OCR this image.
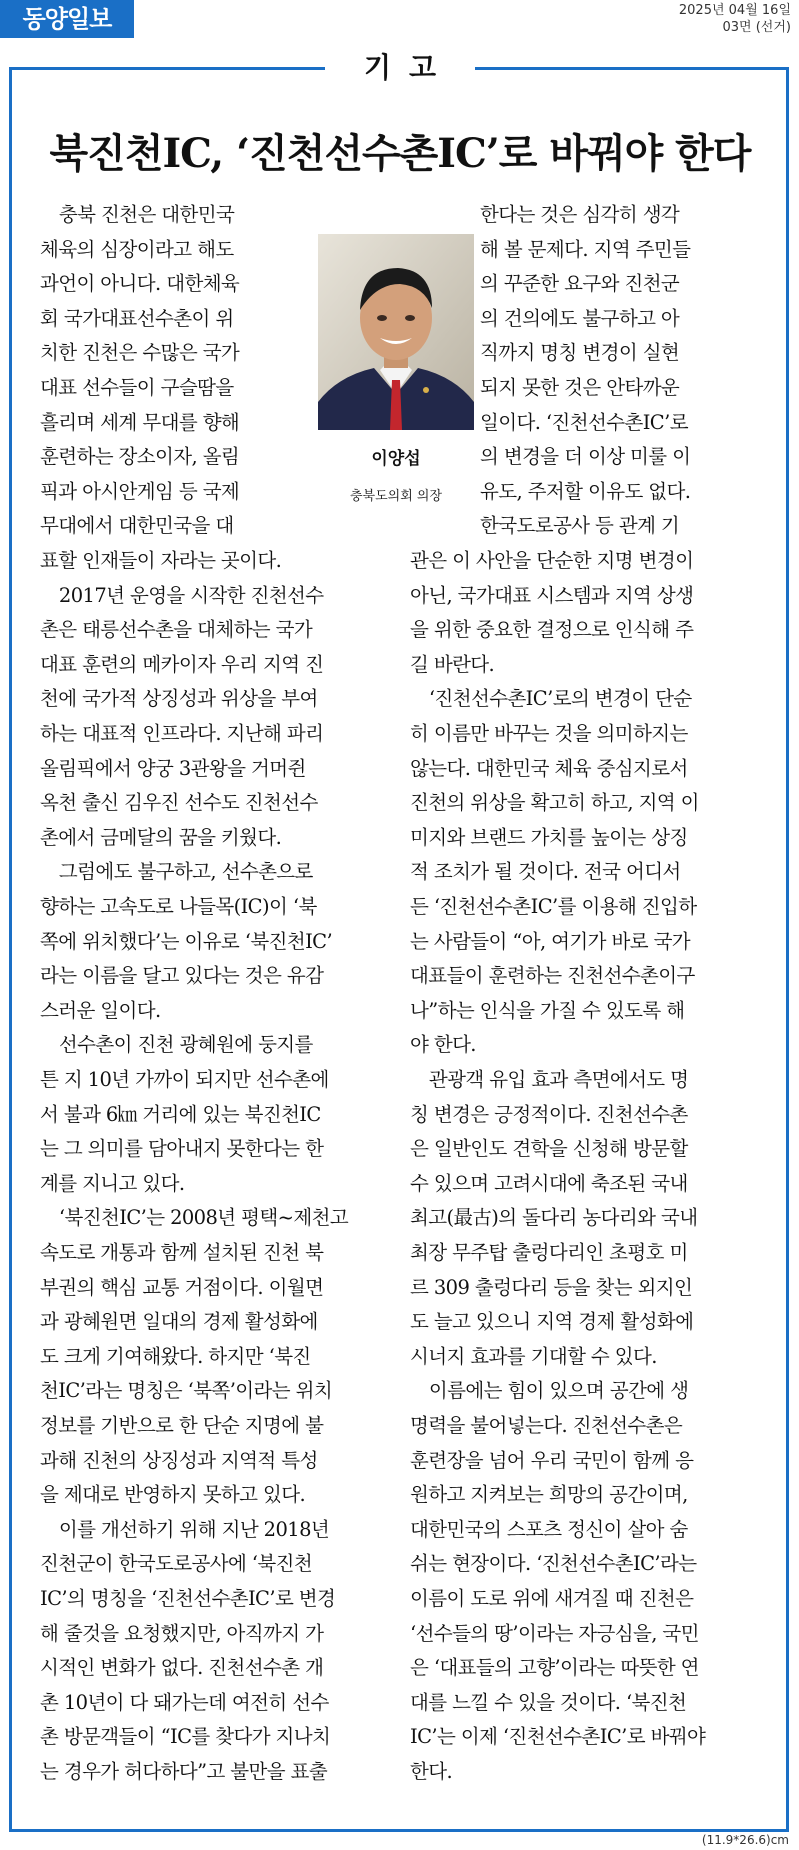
동양일보	2025년 04월 16일
03면 (선거)
기고
북진천IC, ‘진천선수촌IC’로 바꿔야 한다
이양섭
충북도의회 의장

　충북 진천은 대한민국

체육의 심장이라고 해도

과언이 아니다. 대한체육

회 국가대표선수촌이 위

치한 진천은 수많은 국가

대표 선수들이 구슬땀을

흘리며 세계 무대를 향해

훈련하는 장소이자, 올림

픽과 아시안게임 등 국제

무대에서 대한민국을 대

표할 인재들이 자라는 곳이다.

　2017년 운영을 시작한 진천선수

촌은 태릉선수촌을 대체하는 국가

대표 훈련의 메카이자 우리 지역 진

천에 국가적 상징성과 위상을 부여

하는 대표적 인프라다. 지난해 파리

올림픽에서 양궁 3관왕을 거머쥔

옥천 출신 김우진 선수도 진천선수

촌에서 금메달의 꿈을 키웠다.

　그럼에도 불구하고, 선수촌으로

향하는 고속도로 나들목(IC)이 ‘북

쪽에 위치했다’는 이유로 ‘북진천IC’

라는 이름을 달고 있다는 것은 유감

스러운 일이다.

　선수촌이 진천 광혜원에 둥지를

튼 지 10년 가까이 되지만 선수촌에

서 불과 6㎞ 거리에 있는 북진천IC

는 그 의미를 담아내지 못한다는 한

계를 지니고 있다.

　‘북진천IC’는 2008년 평택~제천고

속도로 개통과 함께 설치된 진천 북

부권의 핵심 교통 거점이다. 이월면

과 광혜원면 일대의 경제 활성화에

도 크게 기여해왔다. 하지만 ‘북진

천IC’라는 명칭은 ‘북쪽’이라는 위치

정보를 기반으로 한 단순 지명에 불

과해 진천의 상징성과 지역적 특성

을 제대로 반영하지 못하고 있다.

　이를 개선하기 위해 지난 2018년

진천군이 한국도로공사에 ‘북진천

IC’의 명칭을 ‘진천선수촌IC’로 변경

해 줄것을 요청했지만, 아직까지 가

시적인 변화가 없다. 진천선수촌 개

촌 10년이 다 돼가는데 여전히 선수

촌 방문객들이 “IC를 찾다가 지나치

는 경우가 허다하다”고 불만을 표출

한다는 것은 심각히 생각

해 볼 문제다. 지역 주민들

의 꾸준한 요구와 진천군

의 건의에도 불구하고 아

직까지 명칭 변경이 실현

되지 못한 것은 안타까운

일이다. ‘진천선수촌IC’로

의 변경을 더 이상 미룰 이

유도, 주저할 이유도 없다.

한국도로공사 등 관계 기

관은 이 사안을 단순한 지명 변경이

아닌, 국가대표 시스템과 지역 상생

을 위한 중요한 결정으로 인식해 주

길 바란다.

　‘진천선수촌IC’로의 변경이 단순

히 이름만 바꾸는 것을 의미하지는

않는다. 대한민국 체육 중심지로서

진천의 위상을 확고히 하고, 지역 이

미지와 브랜드 가치를 높이는 상징

적 조치가 될 것이다. 전국 어디서

든 ‘진천선수촌IC’를 이용해 진입하

는 사람들이 “아, 여기가 바로 국가

대표들이 훈련하는 진천선수촌이구

나”하는 인식을 가질 수 있도록 해

야 한다.

　관광객 유입 효과 측면에서도 명

칭 변경은 긍정적이다. 진천선수촌

은 일반인도 견학을 신청해 방문할

수 있으며 고려시대에 축조된 국내

최고(最古)의 돌다리 농다리와 국내

최장 무주탑 출렁다리인 초평호 미

르 309 출렁다리 등을 찾는 외지인

도 늘고 있으니 지역 경제 활성화에

시너지 효과를 기대할 수 있다.

　이름에는 힘이 있으며 공간에 생

명력을 불어넣는다. 진천선수촌은

훈련장을 넘어 우리 국민이 함께 응

원하고 지켜보는 희망의 공간이며,

대한민국의 스포츠 정신이 살아 숨

쉬는 현장이다. ‘진천선수촌IC’라는

이름이 도로 위에 새겨질 때 진천은

‘선수들의 땅’이라는 자긍심을, 국민

은 ‘대표들의 고향’이라는 따뜻한 연

대를 느낄 수 있을 것이다. ‘북진천

IC’는 이제 ‘진천선수촌IC’로 바꿔야

한다.

(11.9*26.6)cm
